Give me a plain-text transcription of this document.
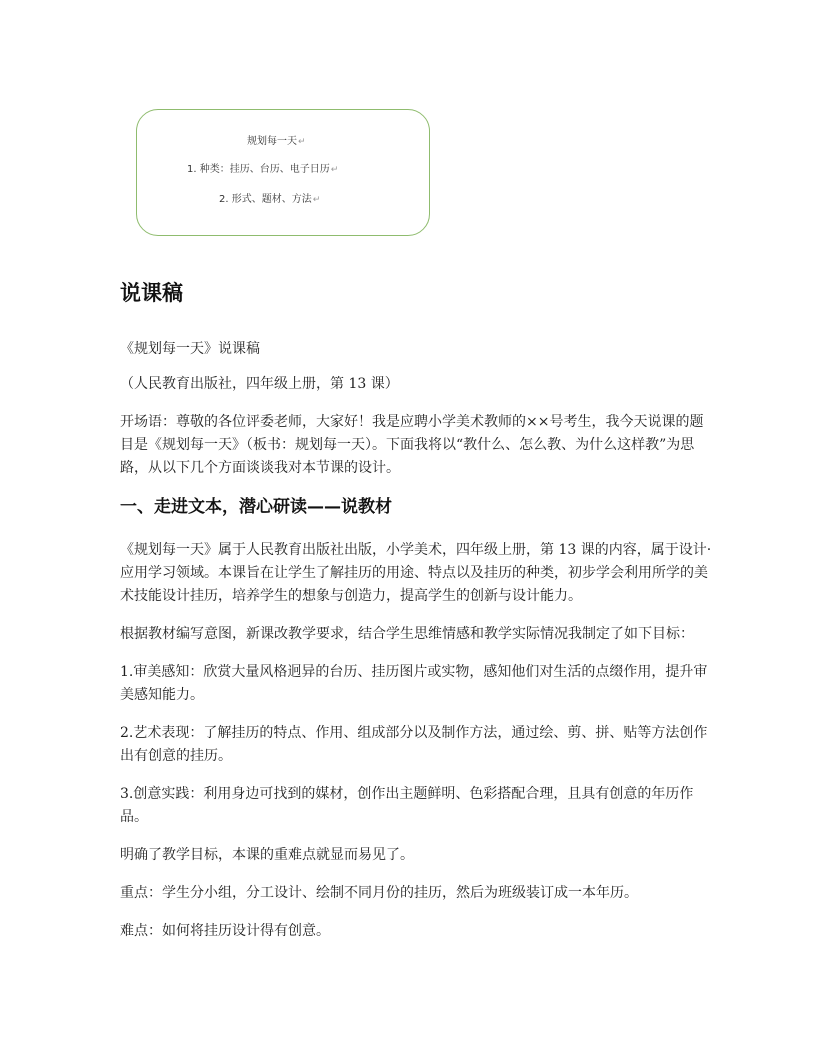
规划每一天↵
1. 种类：挂历、台历、电子日历↵
2. 形式、题材、方法↵
说课稿

《规划每一天》说课稿

（人民教育出版社，四年级上册，第 13 课）

开场语：尊敬的各位评委老师，大家好！我是应聘小学美术教师的××号考生，我今天说课的题目是《规划每一天》（板书：规划每一天）。下面我将以“教什么、怎么教、为什么这样教”为思路，从以下几个方面谈谈我对本节课的设计。

一、走进文本，潜心研读——说教材

《规划每一天》属于人民教育出版社出版，小学美术，四年级上册，第 13 课的内容，属于设计·应用学习领域。本课旨在让学生了解挂历的用途、特点以及挂历的种类，初步学会利用所学的美术技能设计挂历，培养学生的想象与创造力，提高学生的创新与设计能力。

根据教材编写意图，新课改教学要求，结合学生思维情感和教学实际情况我制定了如下目标：

1.审美感知：欣赏大量风格迥异的台历、挂历图片或实物，感知他们对生活的点缀作用，提升审美感知能力。

2.艺术表现：了解挂历的特点、作用、组成部分以及制作方法，通过绘、剪、拼、贴等方法创作出有创意的挂历。

3.创意实践：利用身边可找到的媒材，创作出主题鲜明、色彩搭配合理，且具有创意的年历作品。

明确了教学目标，本课的重难点就显而易见了。

重点：学生分小组，分工设计、绘制不同月份的挂历，然后为班级装订成一本年历。

难点：如何将挂历设计得有创意。
